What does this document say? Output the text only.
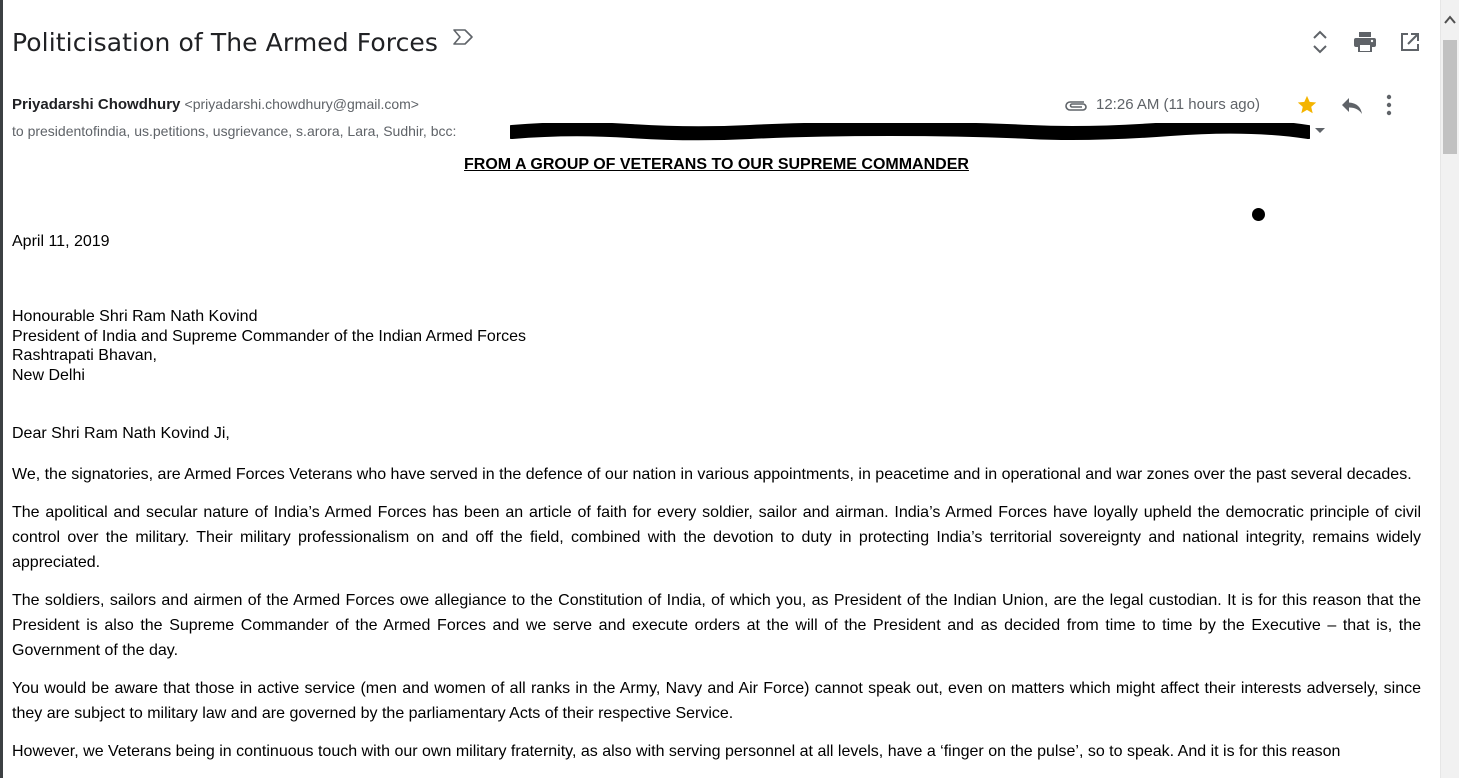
Politicisation of The Armed Forces
Priyadarshi Chowdhury <priyadarshi.chowdhury@gmail.com>
to presidentofindia, us.petitions, usgrievance, s.arora, Lara, Sudhir, bcc:
12:26 AM (11 hours ago)
FROM A GROUP OF VETERANS TO OUR SUPREME COMMANDER
April 11, 2019
Honourable Shri Ram Nath Kovind
President of India and Supreme Commander of the Indian Armed Forces
Rashtrapati Bhavan,
New Delhi
Dear Shri Ram Nath Kovind Ji,

We, the signatories, are Armed Forces Veterans who have served in the defence of our nation in various appointments, in peacetime and in operational and war zones over the past several decades.

The apolitical and secular nature of India’s Armed Forces has been an article of faith for every soldier, sailor and airman. India’s Armed Forces have loyally upheld the democratic principle of civil control over the military. Their military professionalism on and off the field, combined with the devotion to duty in protecting India’s territorial sovereignty and national integrity, remains widely appreciated.

The soldiers, sailors and airmen of the Armed Forces owe allegiance to the Constitution of India, of which you, as President of the Indian Union, are the legal custodian. It is for this reason that the President is also the Supreme Commander of the Armed Forces and we serve and execute orders at the will of the President and as decided from time to time by the Executive – that is, the Government of the day.

You would be aware that those in active service (men and women of all ranks in the Army, Navy and Air Force) cannot speak out, even on matters which might affect their interests adversely, since they are subject to military law and are governed by the parliamentary Acts of their respective Service.

However, we Veterans being in continuous touch with our own military fraternity, as also with serving personnel at all levels, have a ‘finger on the pulse’, so to speak. And it is for this reason
